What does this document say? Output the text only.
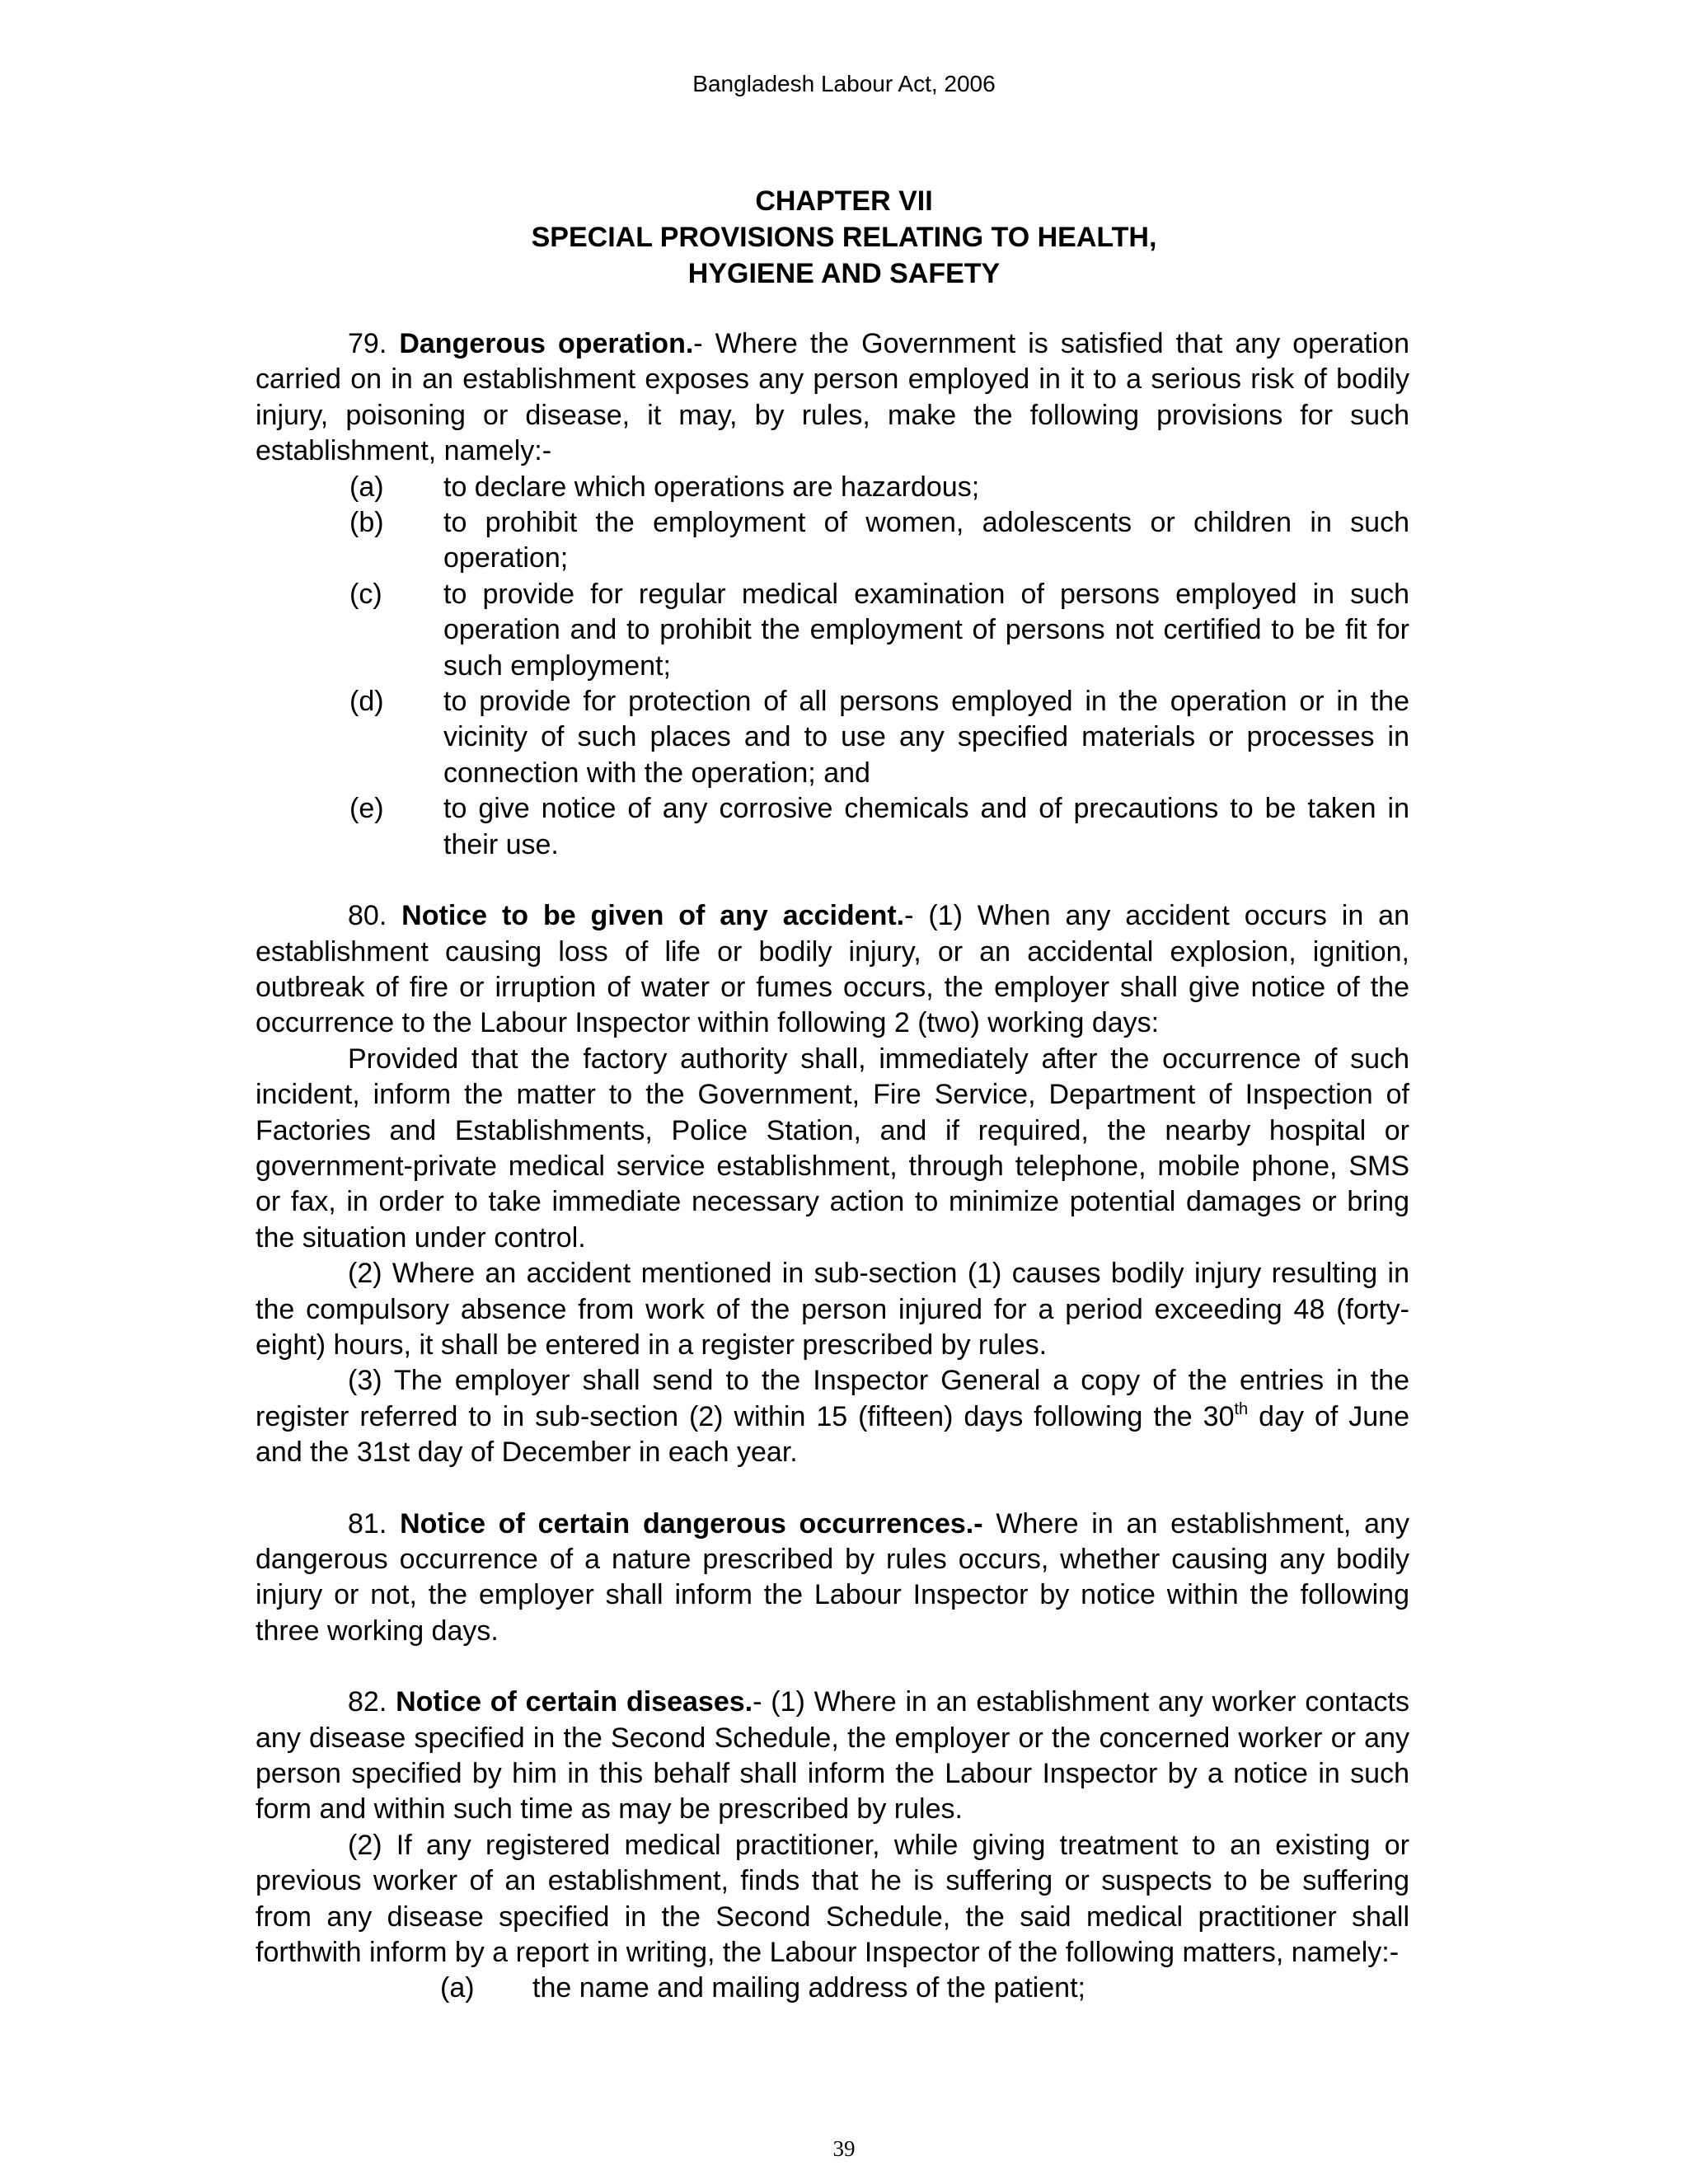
Bangladesh Labour Act, 2006
CHAPTER VII
SPECIAL PROVISIONS RELATING TO HEALTH,
HYGIENE AND SAFETY

79. Dangerous operation.- Where the Government is satisfied that any operation carried on in an establishment exposes any person employed in it to a serious risk of bodily injury, poisoning or disease, it may, by rules, make the following provisions for such establishment, namely:-

(a)	to declare which operations are hazardous;
(b)	to prohibit the employment of women, adolescents or children in such operation;
(c)	to provide for regular medical examination of persons employed in such operation and to prohibit the employment of persons not certified to be fit for such employment;
(d)	to provide for protection of all persons employed in the operation or in the vicinity of such places and to use any specified materials or processes in connection with the operation; and
(e)	to give notice of any corrosive chemicals and of precautions to be taken in their use.

80. Notice to be given of any accident.- (1) When any accident occurs in an establishment causing loss of life or bodily injury, or an accidental explosion, ignition, outbreak of fire or irruption of water or fumes occurs, the employer shall give notice of the occurrence to the Labour Inspector within following 2 (two) working days:

Provided that the factory authority shall, immediately after the occurrence of such incident, inform the matter to the Government, Fire Service, Department of Inspection of Factories and Establishments, Police Station, and if required, the nearby hospital or government-private medical service establishment, through telephone, mobile phone, SMS or fax, in order to take immediate necessary action to minimize potential damages or bring the situation under control.

(2) Where an accident mentioned in sub-section (1) causes bodily injury resulting in the compulsory absence from work of the person injured for a period exceeding 48 (forty-eight) hours, it shall be entered in a register prescribed by rules.

(3) The employer shall send to the Inspector General a copy of the entries in the register referred to in sub-section (2) within 15 (fifteen) days following the 30th day of June and the 31st day of December in each year.

81. Notice of certain dangerous occurrences.- Where in an establishment, any dangerous occurrence of a nature prescribed by rules occurs, whether causing any bodily injury or not, the employer shall inform the Labour Inspector by notice within the following three working days.

82. Notice of certain diseases.- (1) Where in an establishment any worker contacts any disease specified in the Second Schedule, the employer or the concerned worker or any person specified by him in this behalf shall inform the Labour Inspector by a notice in such form and within such time as may be prescribed by rules.

(2) If any registered medical practitioner, while giving treatment to an existing or previous worker of an establishment, finds that he is suffering or suspects to be suffering from any disease specified in the Second Schedule, the said medical practitioner shall forthwith inform by a report in writing, the Labour Inspector of the following matters, namely:-

(a)	the name and mailing address of the patient;
39
